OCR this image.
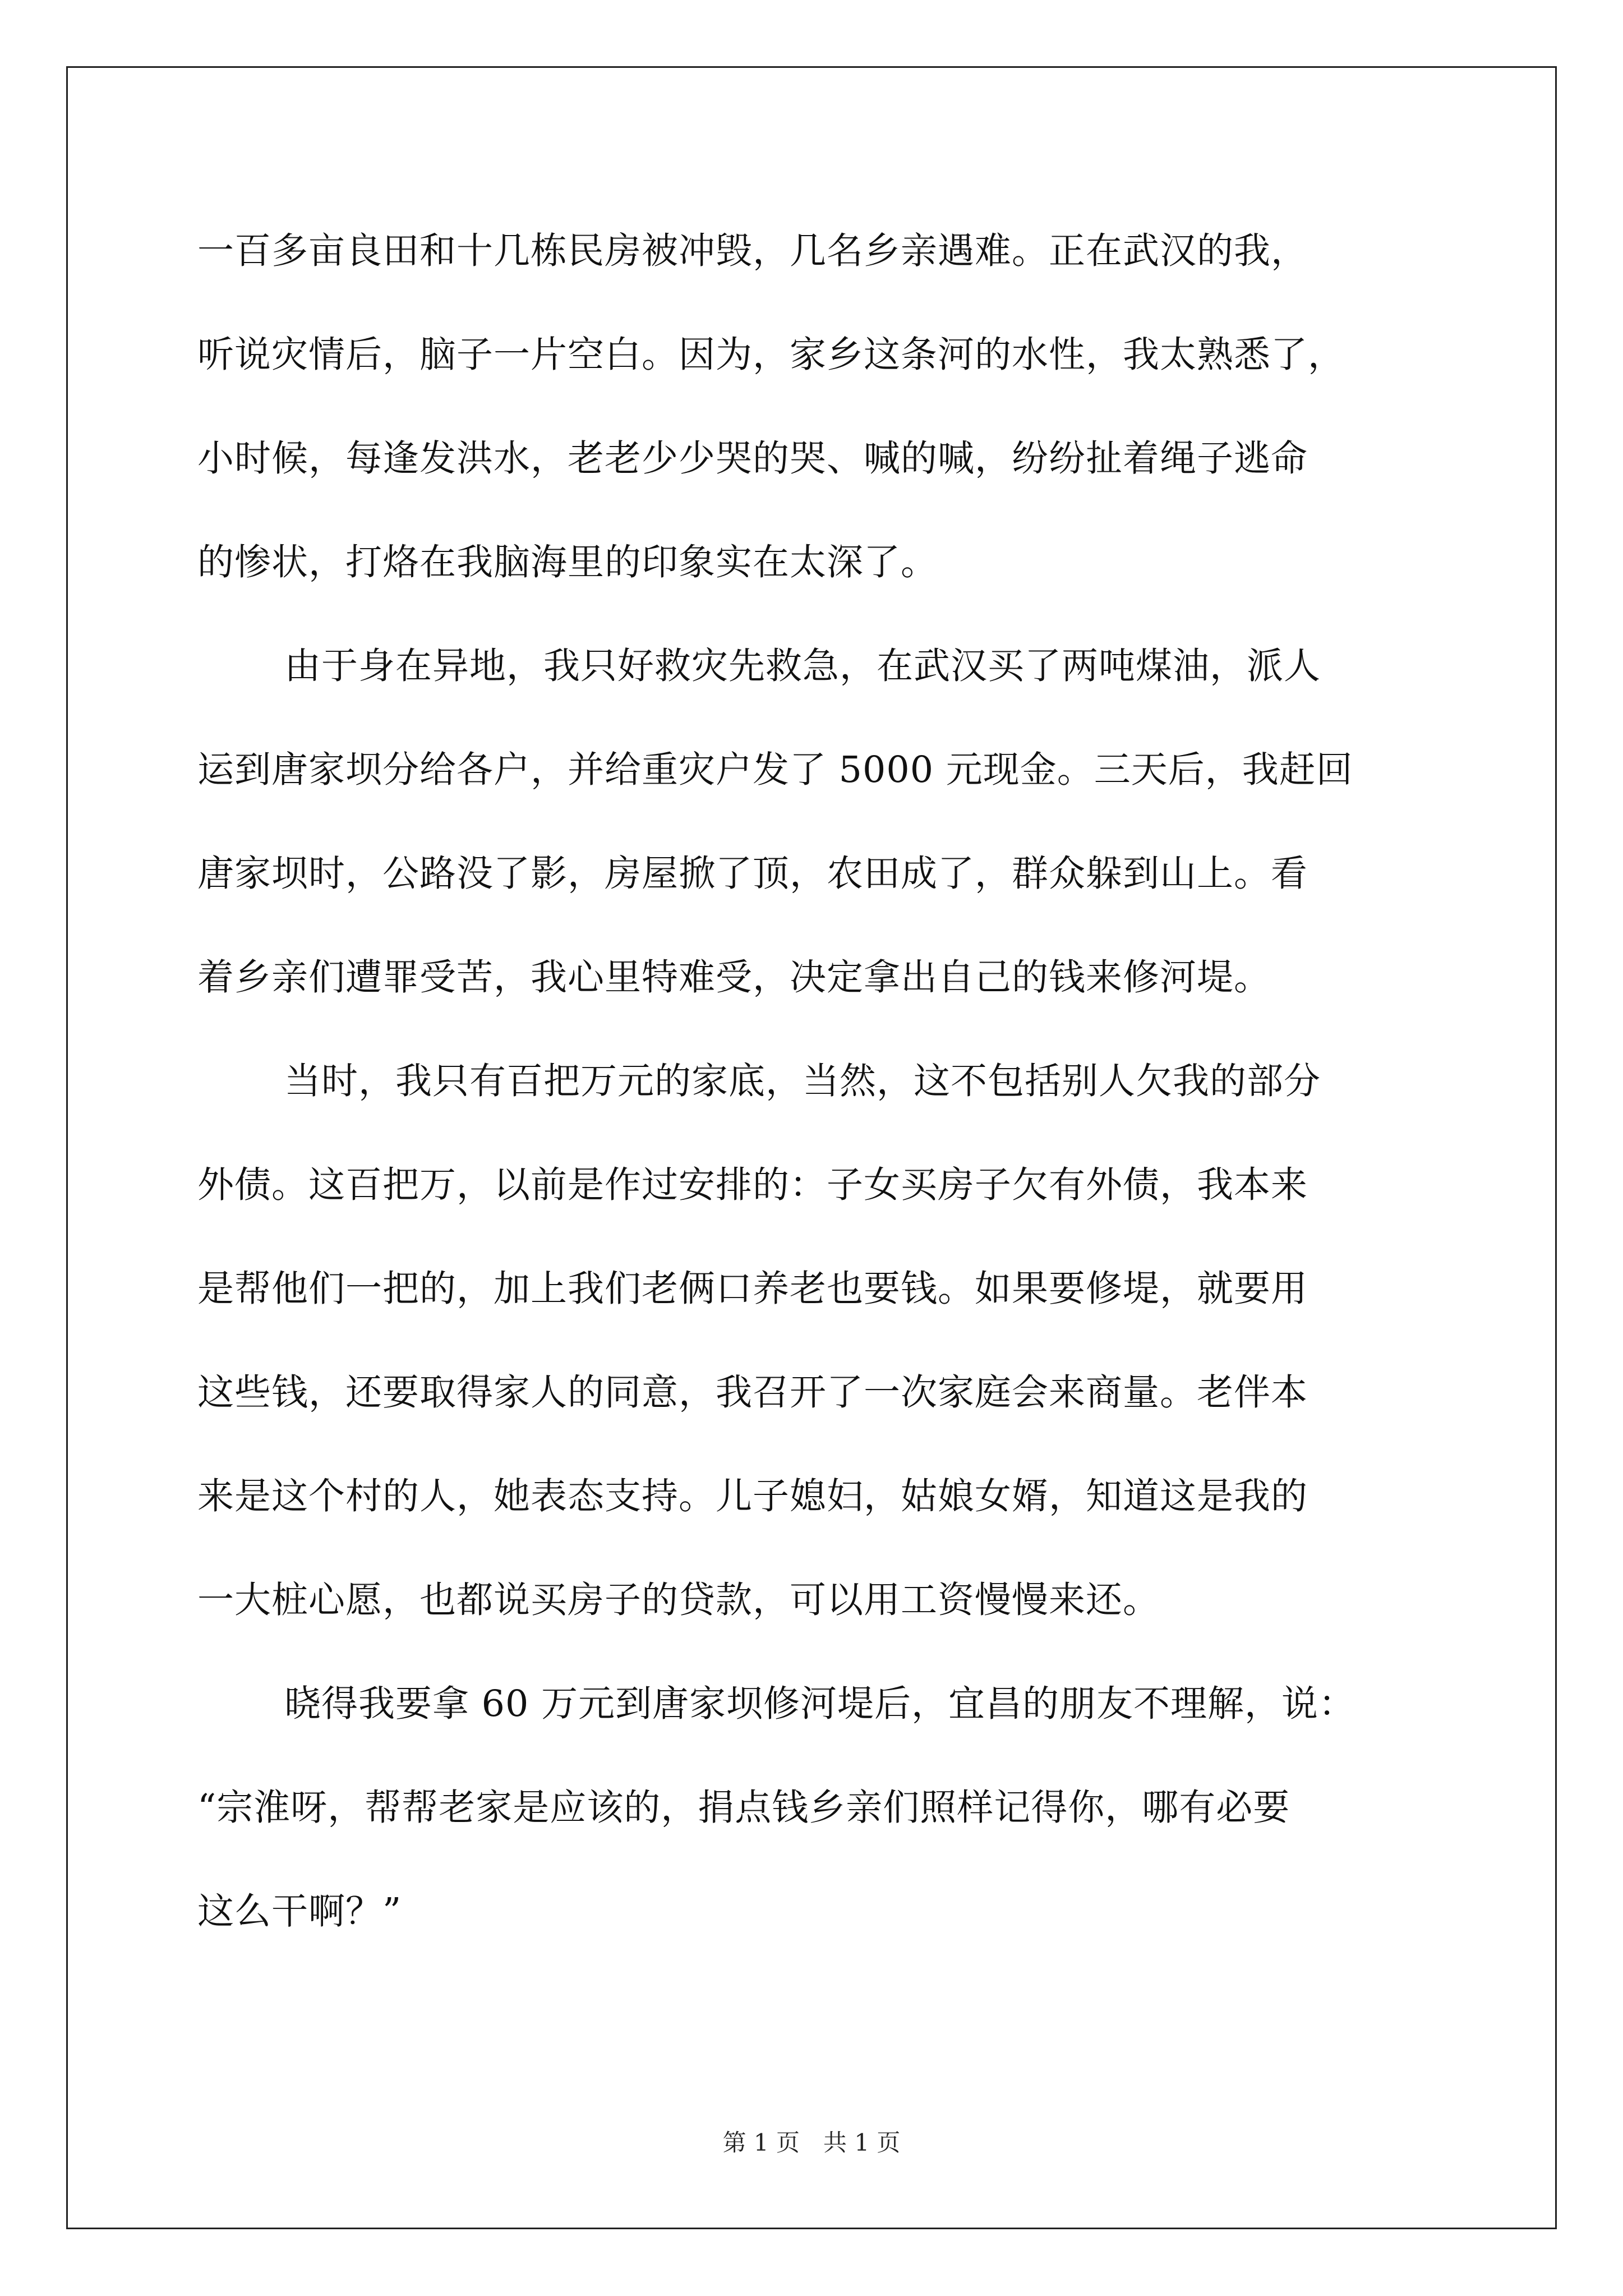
一百多亩良田和十几栋民房被冲毁，几名乡亲遇难。正在武汉的我，
听说灾情后，脑子一片空白。因为，家乡这条河的水性，我太熟悉了，
小时候，每逢发洪水，老老少少哭的哭、喊的喊，纷纷扯着绳子逃命
的惨状，打烙在我脑海里的印象实在太深了。

由于身在异地，我只好救灾先救急，在武汉买了两吨煤油，派人
运到唐家坝分给各户，并给重灾户发了 5000 元现金。三天后，我赶回
唐家坝时，公路没了影，房屋掀了顶，农田成了，群众躲到山上。看
着乡亲们遭罪受苦，我心里特难受，决定拿出自己的钱来修河堤。

当时，我只有百把万元的家底，当然，这不包括别人欠我的部分
外债。这百把万，以前是作过安排的：子女买房子欠有外债，我本来
是帮他们一把的，加上我们老俩口养老也要钱。如果要修堤，就要用
这些钱，还要取得家人的同意，我召开了一次家庭会来商量。老伴本
来是这个村的人，她表态支持。儿子媳妇，姑娘女婿，知道这是我的
一大桩心愿，也都说买房子的贷款，可以用工资慢慢来还。

晓得我要拿 60 万元到唐家坝修河堤后，宜昌的朋友不理解，说：
“宗淮呀，帮帮老家是应该的，捐点钱乡亲们照样记得你，哪有必要
这么干啊？”

第 1 页　共 1 页
